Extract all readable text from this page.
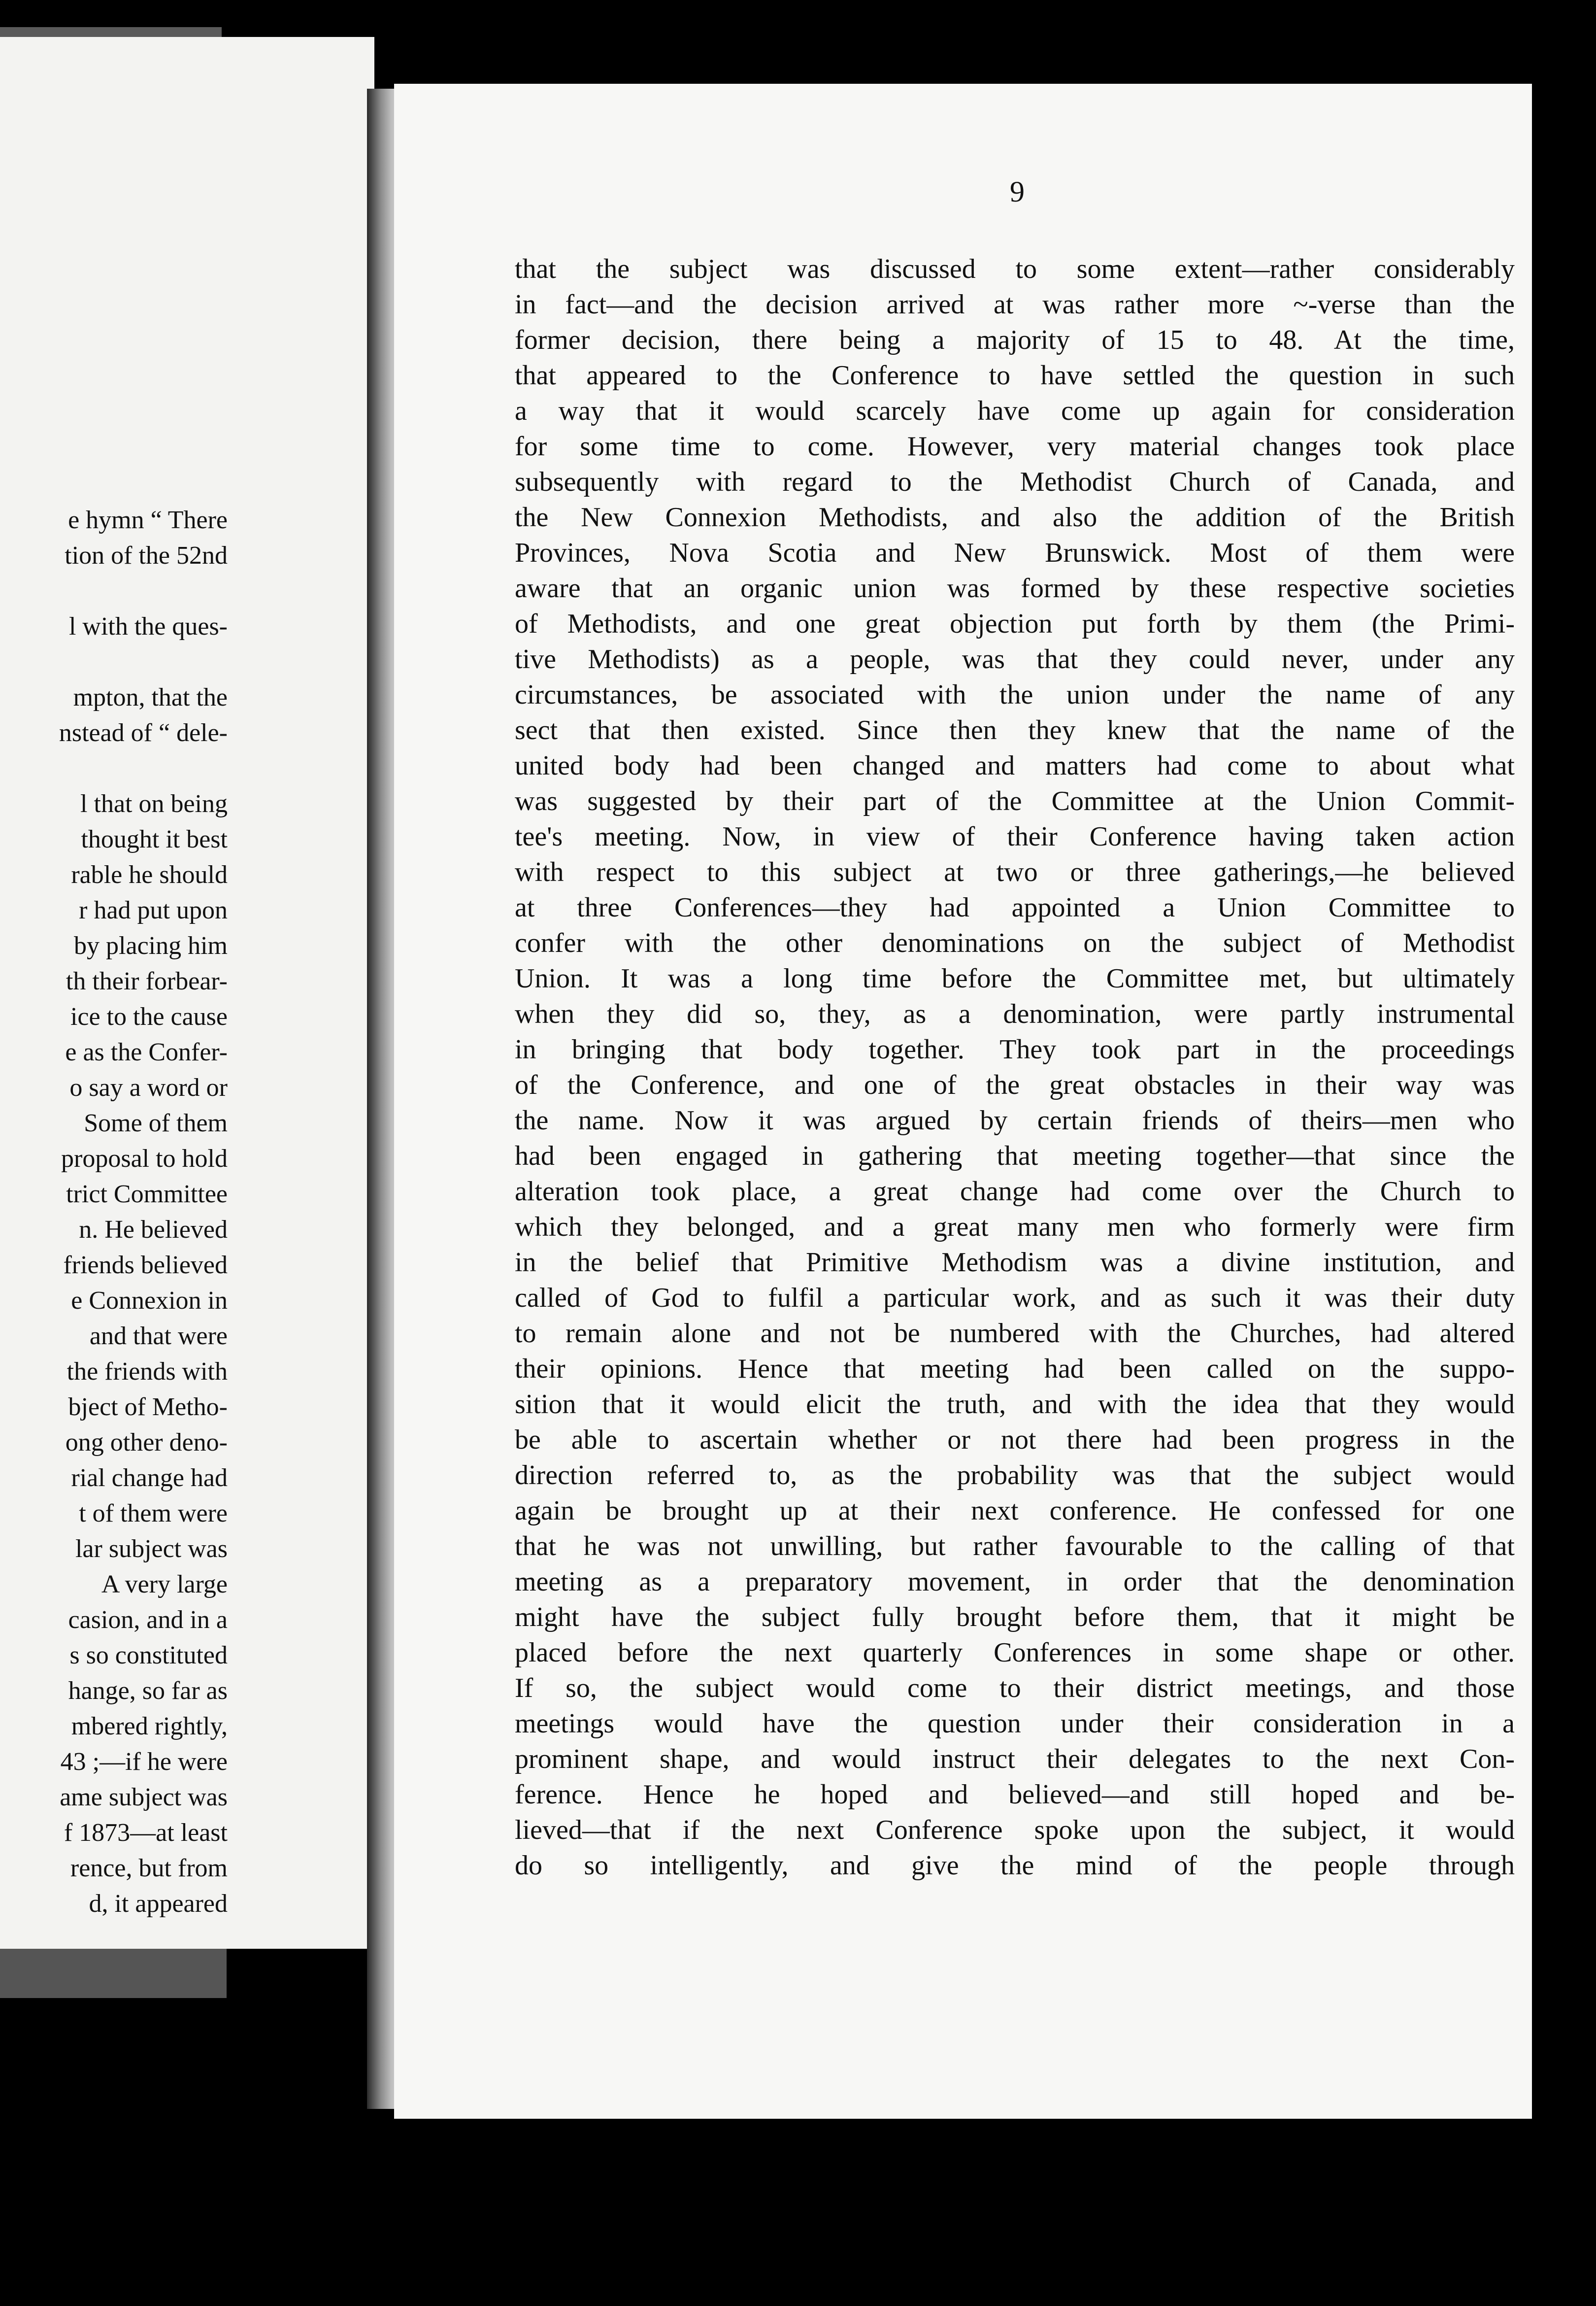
e hymn “ There
tion of the 52nd
l with the ques-
mpton, that the
nstead of “ dele-
l that on being
thought it best
rable he should
r had put upon
by placing him
th their forbear-
ice to the cause
e as the Confer-
o say a word or
Some of them
proposal to hold
trict Committee
n. He believed
friends believed
e Connexion in
and that were
the friends with
bject of Metho-
ong other deno-
rial change had
t of them were
lar subject was
A very large
casion, and in a
s so constituted
hange, so far as
mbered rightly,
43 ;—if he were
ame subject was
f 1873—at least
rence, but from
d, it appeared
9
that the subject was discussed to some extent—rather considerably
in fact—and the decision arrived at was rather more ~-verse than the
former decision, there being a majority of 15 to 48. At the time,
that appeared to the Conference to have settled the question in such
a way that it would scarcely have come up again for consideration
for some time to come. However, very material changes took place
subsequently with regard to the Methodist Church of Canada, and
the New Connexion Methodists, and also the addition of the British
Provinces, Nova Scotia and New Brunswick. Most of them were
aware that an organic union was formed by these respective societies
of Methodists, and one great objection put forth by them (the Primi-
tive Methodists) as a people, was that they could never, under any
circumstances, be associated with the union under the name of any
sect that then existed. Since then they knew that the name of the
united body had been changed and matters had come to about what
was suggested by their part of the Committee at the Union Commit-
tee's meeting. Now, in view of their Conference having taken action
with respect to this subject at two or three gatherings,—he believed
at three Conferences—they had appointed a Union Committee to
confer with the other denominations on the subject of Methodist
Union. It was a long time before the Committee met, but ultimately
when they did so, they, as a denomination, were partly instrumental
in bringing that body together. They took part in the proceedings
of the Conference, and one of the great obstacles in their way was
the name. Now it was argued by certain friends of theirs—men who
had been engaged in gathering that meeting together—that since the
alteration took place, a great change had come over the Church to
which they belonged, and a great many men who formerly were firm
in the belief that Primitive Methodism was a divine institution, and
called of God to fulfil a particular work, and as such it was their duty
to remain alone and not be numbered with the Churches, had altered
their opinions. Hence that meeting had been called on the suppo-
sition that it would elicit the truth, and with the idea that they would
be able to ascertain whether or not there had been progress in the
direction referred to, as the probability was that the subject would
again be brought up at their next conference. He confessed for one
that he was not unwilling, but rather favourable to the calling of that
meeting as a preparatory movement, in order that the denomination
might have the subject fully brought before them, that it might be
placed before the next quarterly Conferences in some shape or other.
If so, the subject would come to their district meetings, and those
meetings would have the question under their consideration in a
prominent shape, and would instruct their delegates to the next Con-
ference. Hence he hoped and believed—and still hoped and be-
lieved—that if the next Conference spoke upon the subject, it would
do so intelligently, and give the mind of the people through
